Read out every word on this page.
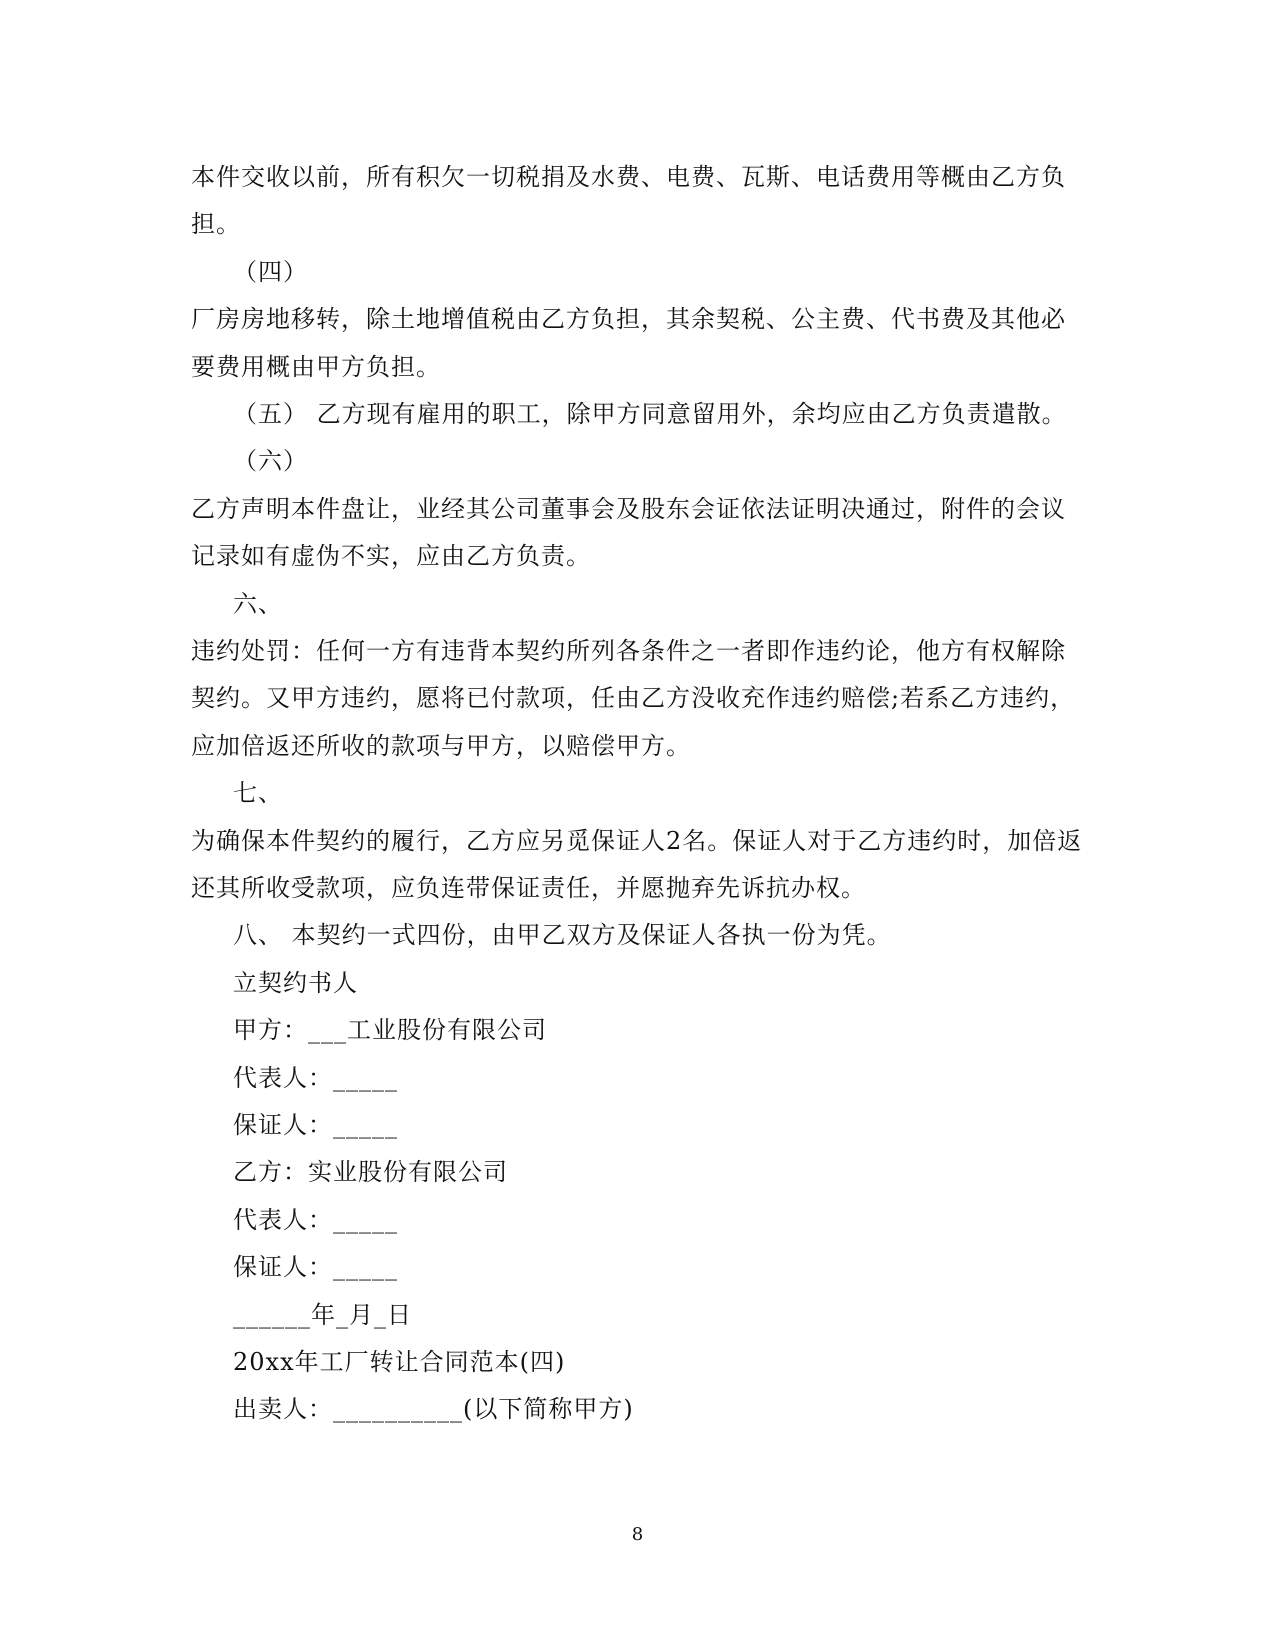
本件交收以前，所有积欠一切税捐及水费、电费、瓦斯、电话费用等概由乙方负
担。
（四）
厂房房地移转，除土地增值税由乙方负担，其余契税、公主费、代书费及其他必
要费用概由甲方负担。
（五） 乙方现有雇用的职工，除甲方同意留用外，余均应由乙方负责遣散。
（六）
乙方声明本件盘让，业经其公司董事会及股东会证依法证明决通过，附件的会议
记录如有虚伪不实，应由乙方负责。
六、
违约处罚：任何一方有违背本契约所列各条件之一者即作违约论，他方有权解除
契约。又甲方违约，愿将已付款项，任由乙方没收充作违约赔偿;若系乙方违约，
应加倍返还所收的款项与甲方，以赔偿甲方。
七、
为确保本件契约的履行，乙方应另觅保证人2名。保证人对于乙方违约时，加倍返
还其所收受款项，应负连带保证责任，并愿抛弃先诉抗办权。
八、 本契约一式四份，由甲乙双方及保证人各执一份为凭。
立契约书人
甲方：___工业股份有限公司
代表人：_____
保证人：_____
乙方：实业股份有限公司
代表人：_____
保证人：_____
______年_月_日
20xx年工厂转让合同范本(四)
出卖人：__________(以下简称甲方)
8
